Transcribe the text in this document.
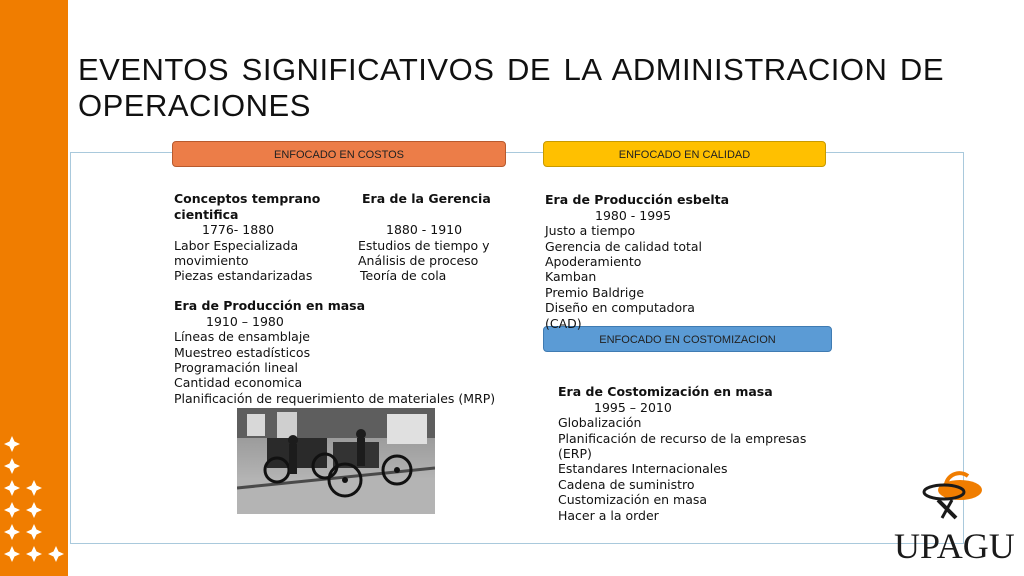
EVENTOS SIGNIFICATIVOS DE LA ADMINISTRACION DE OPERACIONES
ENFOCADO EN COSTOS	ENFOCADO EN CALIDAD
ENFOCADO EN COSTOMIZACION

Conceptos temprano
cientifica
1776- 1880
Labor Especializada
movimiento
Piezas estandarizadas

Era de la Gerencia

1880 - 1910
Estudios de tiempo y
Análisis de proceso
Teoría de cola

Era de Producción en masa
1910 – 1980
Líneas de ensamblaje
Muestreo estadísticos
Programación lineal
Cantidad economica
Planificación de requerimiento de materiales (MRP)

Era de Producción esbelta
1980 - 1995
Justo a tiempo
Gerencia de calidad total
Apoderamiento
Kamban
Premio Baldrige
Diseño en computadora
(CAD)

Era de Costomización en masa
1995 – 2010
Globalización
Planificación de recurso de la empresas
(ERP)
Estandares Internacionales
Cadena de suministro
Customización en masa
Hacer a la order
UPAGU
